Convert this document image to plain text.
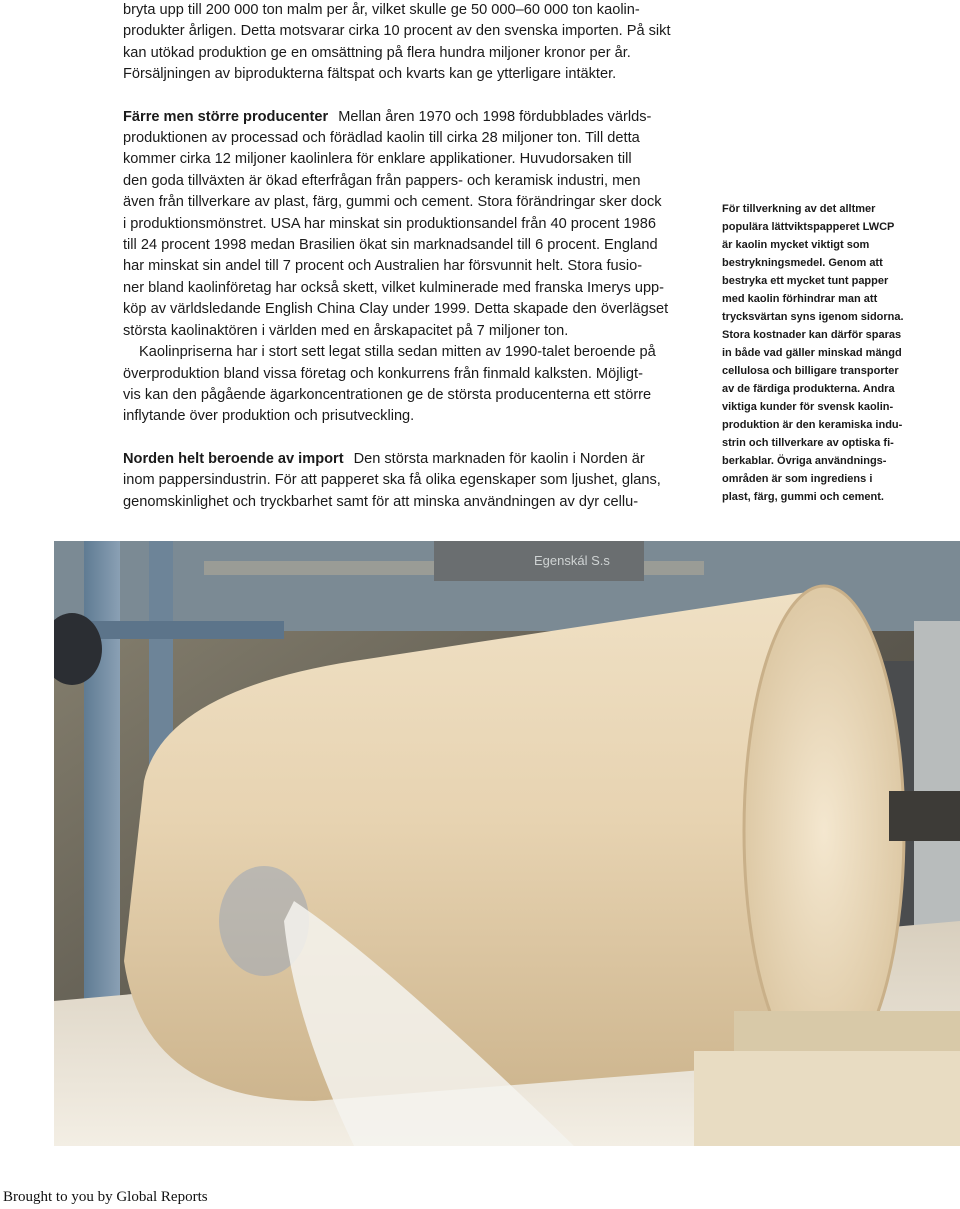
bryta upp till 200 000 ton malm per år, vilket skulle ge 50 000–60 000 ton kaolin-
produkter årligen. Detta motsvarar cirka 10 procent av den svenska importen. På sikt
kan utökad produktion ge en omsättning på flera hundra miljoner kronor per år.
Försäljningen av biprodukterna fältspat och kvarts kan ge ytterligare intäkter.

Färre men större producenter Mellan åren 1970 och 1998 fördubblades världs-
produktionen av processad och förädlad kaolin till cirka 28 miljoner ton. Till detta
kommer cirka 12 miljoner kaolinlera för enklare applikationer. Huvudorsaken till
den goda tillväxten är ökad efterfrågan från pappers- och keramisk industri, men
även från tillverkare av plast, färg, gummi och cement. Stora förändringar sker dock
i produktionsmönstret. USA har minskat sin produktionsandel från 40 procent 1986
till 24 procent 1998 medan Brasilien ökat sin marknadsandel till 6 procent. England
har minskat sin andel till 7 procent och Australien har försvunnit helt. Stora fusio-
ner bland kaolinföretag har också skett, vilket kulminerade med franska Imerys upp-
köp av världsledande English China Clay under 1999. Detta skapade den överlägset
största kaolinaktören i världen med en årskapacitet på 7 miljoner ton.

Kaolinpriserna har i stort sett legat stilla sedan mitten av 1990-talet beroende på
överproduktion bland vissa företag och konkurrens från finmald kalksten. Möjligt-
vis kan den pågående ägarkoncentrationen ge de största producenterna ett större
inflytande över produktion och prisutveckling.

Norden helt beroende av import Den största marknaden för kaolin i Norden är
inom pappersindustrin. För att papperet ska få olika egenskaper som ljushet, glans,
genomskinlighet och tryckbarhet samt för att minska användningen av dyr cellu-

För tillverkning av det alltmer
populära lättviktspapperet LWCP
är kaolin mycket viktigt som
bestrykningsmedel. Genom att
bestryka ett mycket tunt papper
med kaolin förhindrar man att
trycksvärtan syns igenom sidorna.
Stora kostnader kan därför sparas
in både vad gäller minskad mängd
cellulosa och billigare transporter
av de färdiga produkterna. Andra
viktiga kunder för svensk kaolin-
produktion är den keramiska indu-
strin och tillverkare av optiska fi-
berkablar. Övriga användnings-
områden är som ingrediens i
plast, färg, gummi och cement.
Egenskál S.s
Brought to you by Global Reports
